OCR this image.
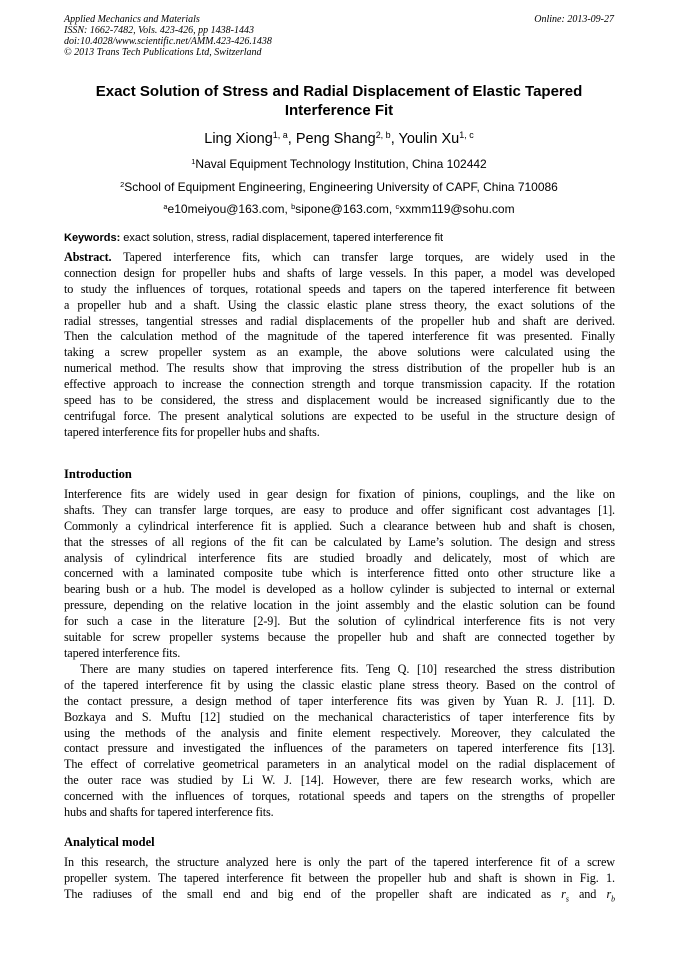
Applied Mechanics and Materials
ISSN: 1662-7482, Vols. 423-426, pp 1438-1443
doi:10.4028/www.scientific.net/AMM.423-426.1438
© 2013 Trans Tech Publications Ltd, Switzerland
Online: 2013-09-27
Exact Solution of Stress and Radial Displacement of Elastic Tapered
Interference Fit
Ling Xiong$^{1, a}$, Peng Shang$^{2, b}$, Youlin Xu$^{1, c}$
$^1$Naval Equipment Technology Institution, China 102442
$^2$School of Equipment Engineering, Engineering University of CAPF, China 710086
$^a$e10meiyou@163.com, $^b$sipone@163.com, $^c$xxmm119@sohu.com
Keywords: exact solution, stress, radial displacement, tapered interference fit
Abstract. Tapered interference fits, which can transfer large torques, are widely used in the
connection design for propeller hubs and shafts of large vessels. In this paper, a model was developed
to study the influences of torques, rotational speeds and tapers on the tapered interference fit between
a propeller hub and a shaft. Using the classic elastic plane stress theory, the exact solutions of the
radial stresses, tangential stresses and radial displacements of the propeller hub and shaft are derived.
Then the calculation method of the magnitude of the tapered interference fit was presented. Finally
taking a screw propeller system as an example, the above solutions were calculated using the
numerical method. The results show that improving the stress distribution of the propeller hub is an
effective approach to increase the connection strength and torque transmission capacity. If the rotation
speed has to be considered, the stress and displacement would be increased significantly due to the
centrifugal force. The present analytical solutions are expected to be useful in the structure design of
tapered interference fits for propeller hubs and shafts.
Introduction
Interference fits are widely used in gear design for fixation of pinions, couplings, and the like on
shafts. They can transfer large torques, are easy to produce and offer significant cost advantages [1].
Commonly a cylindrical interference fit is applied. Such a clearance between hub and shaft is chosen,
that the stresses of all regions of the fit can be calculated by Lame’s solution. The design and stress
analysis of cylindrical interference fits are studied broadly and delicately, most of which are
concerned with a laminated composite tube which is interference fitted onto other structure like a
bearing bush or a hub. The model is developed as a hollow cylinder is subjected to internal or external
pressure, depending on the relative location in the joint assembly and the elastic solution can be found
for such a case in the literature [2-9]. But the solution of cylindrical interference fits is not very
suitable for screw propeller systems because the propeller hub and shaft are connected together by
tapered interference fits.
There are many studies on tapered interference fits. Teng Q. [10] researched the stress distribution
of the tapered interference fit by using the classic elastic plane stress theory. Based on the control of
the contact pressure, a design method of taper interference fits was given by Yuan R. J. [11]. D.
Bozkaya and S. Muftu [12] studied on the mechanical characteristics of taper interference fits by
using the methods of the analysis and finite element respectively. Moreover, they calculated the
contact pressure and investigated the influences of the parameters on tapered interference fits [13].
The effect of correlative geometrical parameters in an analytical model on the radial displacement of
the outer race was studied by Li W. J. [14]. However, there are few research works, which are
concerned with the influences of torques, rotational speeds and tapers on the strengths of propeller
hubs and shafts for tapered interference fits.
Analytical model
In this research, the structure analyzed here is only the part of the tapered interference fit of a screw
propeller system. The tapered interference fit between the propeller hub and shaft is shown in Fig. 1.
The radiuses of the small end and big end of the propeller shaft are indicated as $r_s$ and $r_b$
